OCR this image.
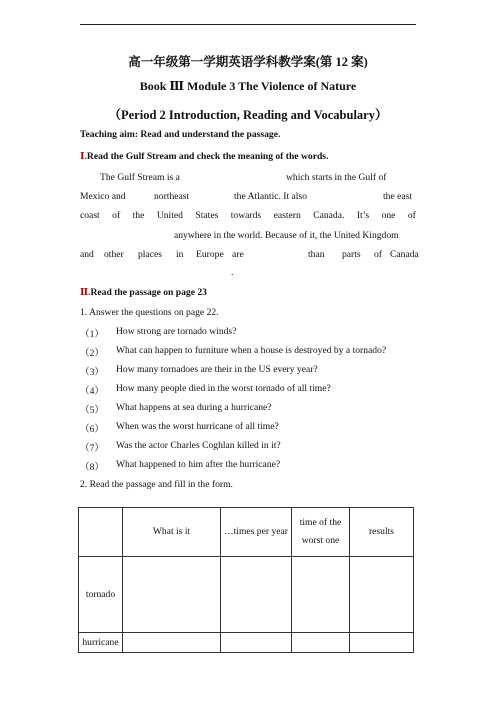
高一年级第一学期英语学科教学案(第 12 案)
Book Ⅲ Module 3 The Violence of Nature
（Period 2 Introduction, Reading and Vocabulary）
Teaching aim: Read and understand the passage.
Ⅰ.Read the Gulf Stream and check the meaning of the words.
The Gulf Stream is a	which starts in the Gulf of
Mexico and	northeast	the Atlantic. It also	the east
coast of the United States towards eastern Canada. It’s one of
anywhere in the world. Because of it, the United Kingdom
and other places in Europe are	than parts of Canada
.
Ⅱ.Read the passage on page 23
1. Answer the questions on page 22.
（1） How strong are tornado winds?
（2） What can happen to furniture when a house is destroyed by a tornado?
（3） How many tornadoes are their in the US every year?
（4） How many people died in the worst tornado of all time?
（5） What happens at sea during a hurricane?
（6） When was the worst hurricane of all time?
（7） Was the actor Charles Coghlan killed in it?
（8） What happened to him after the hurricane?
2. Read the passage and fill in the form.
	What is it	…times per year	time of the worst one	results
tornado				
hurricane				
